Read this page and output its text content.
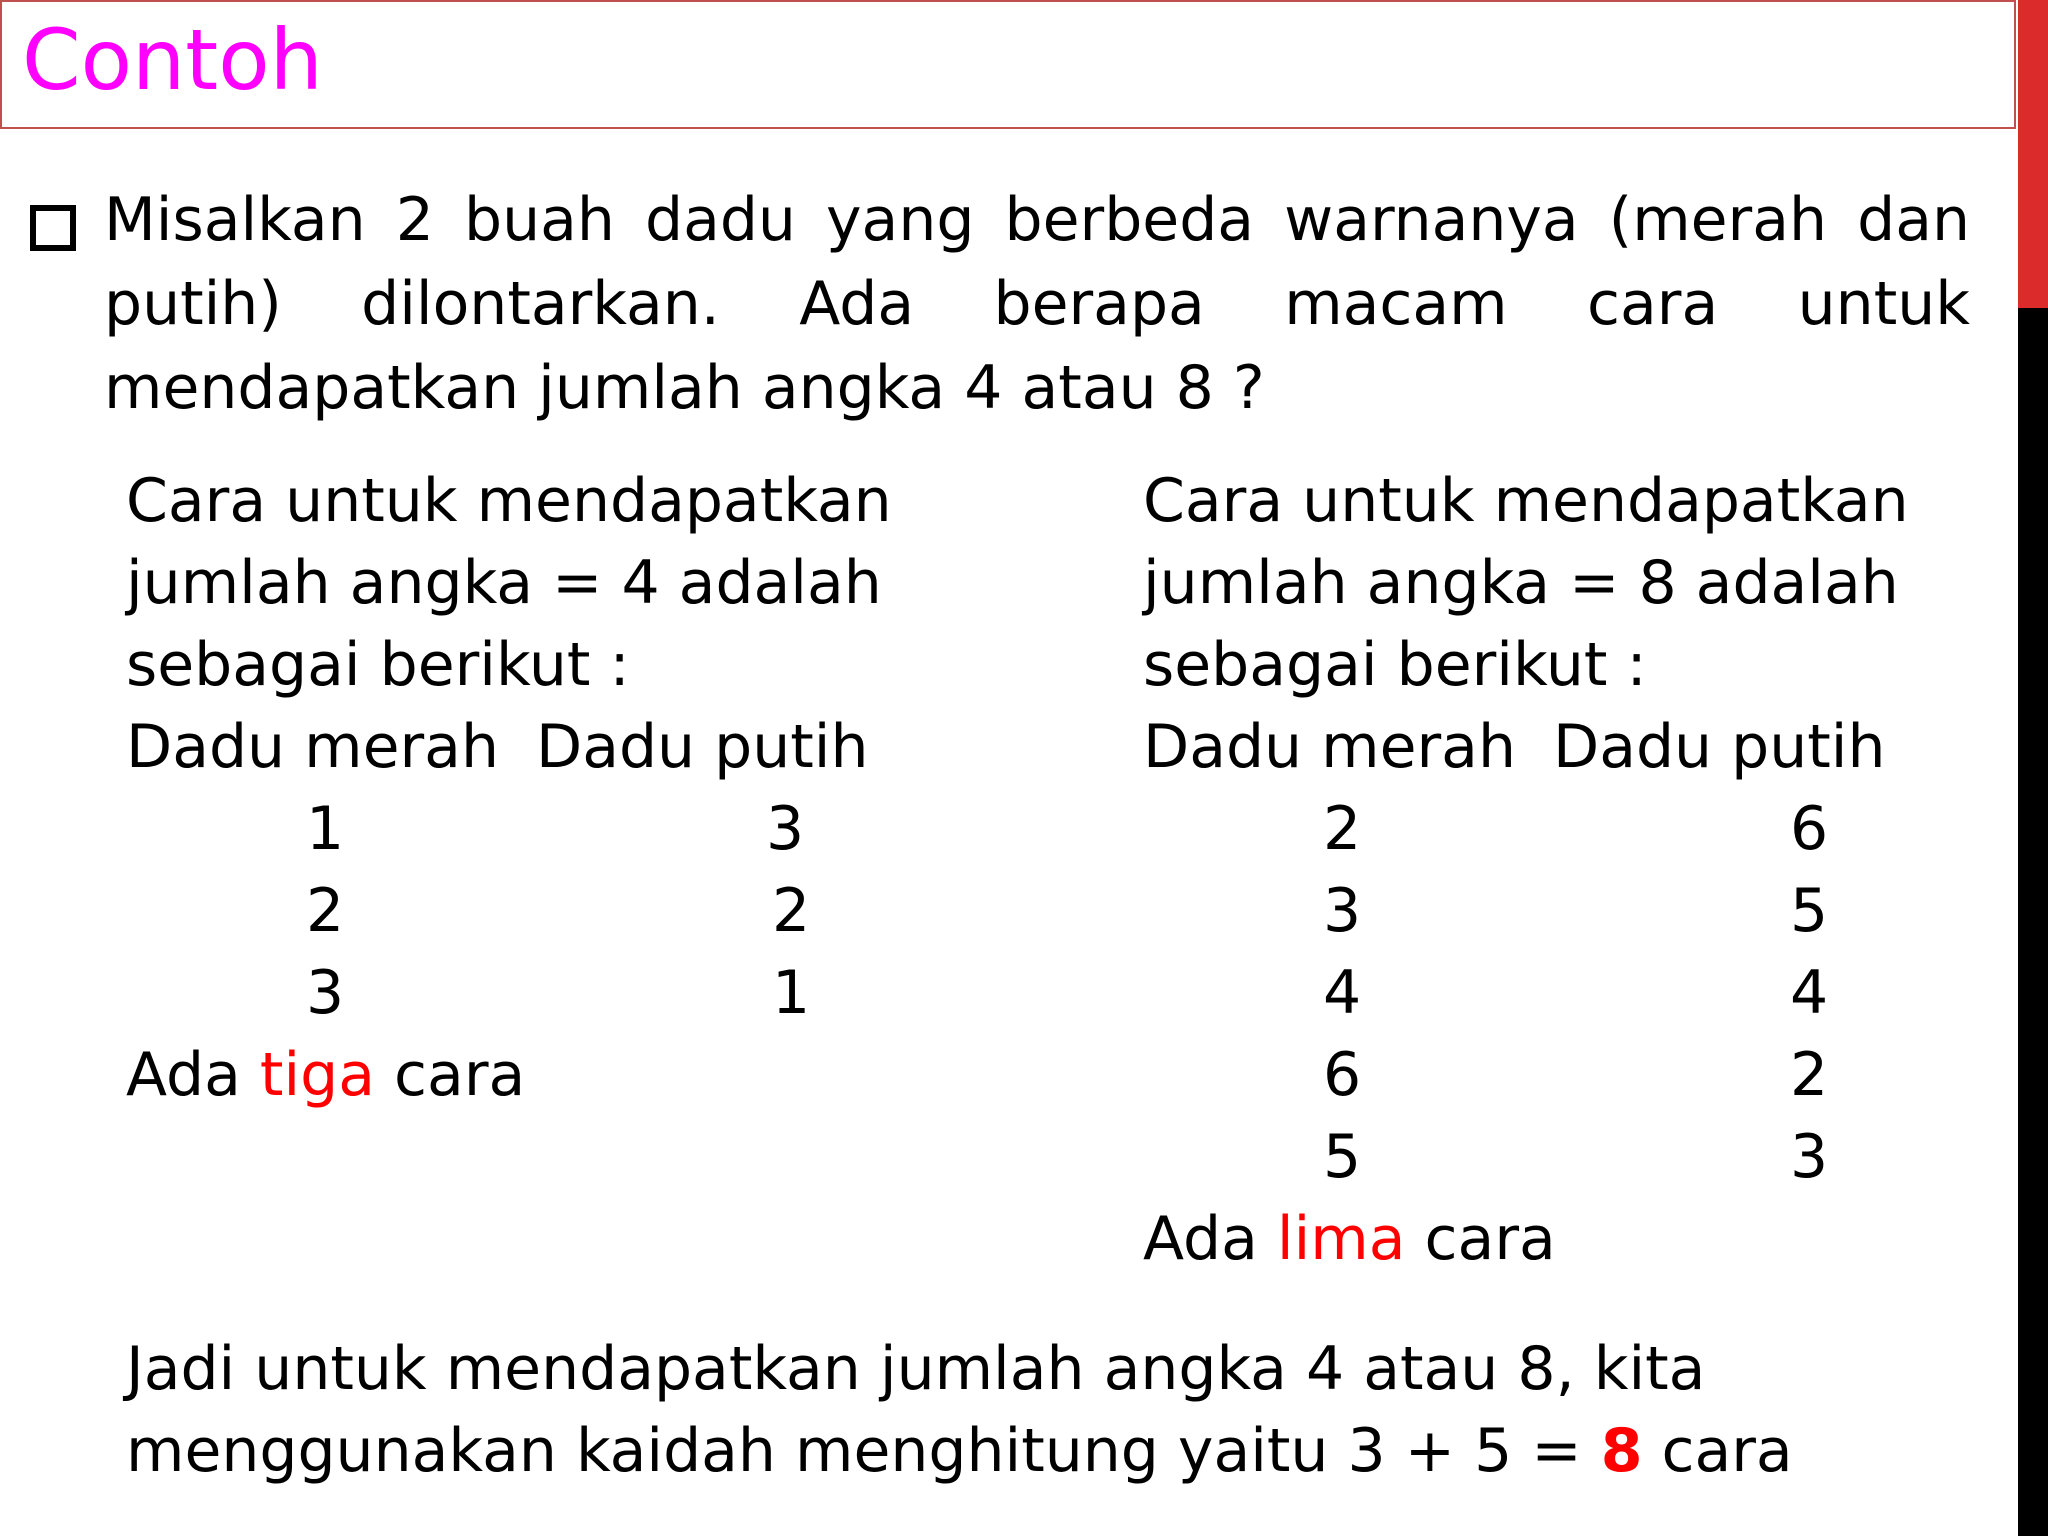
Contoh
Misalkan 2 buah dadu yang berbeda warnanya (merah dan putih) dilontarkan. Ada berapa macam cara untuk mendapatkan jumlah angka 4 atau 8 ?
Cara untuk mendapatkan
jumlah angka = 4 adalah
sebagai berikut :
Dadu merah Dadu putih
1	3
2	2
3	1
Ada tiga cara
Cara untuk mendapatkan
jumlah angka = 8 adalah
sebagai berikut :
Dadu merah Dadu putih
2	6
3	5
4	4
6	2
5	3
Ada lima cara
Jadi untuk mendapatkan jumlah angka 4 atau 8, kita
menggunakan kaidah menghitung yaitu 3 + 5 = 8 cara
